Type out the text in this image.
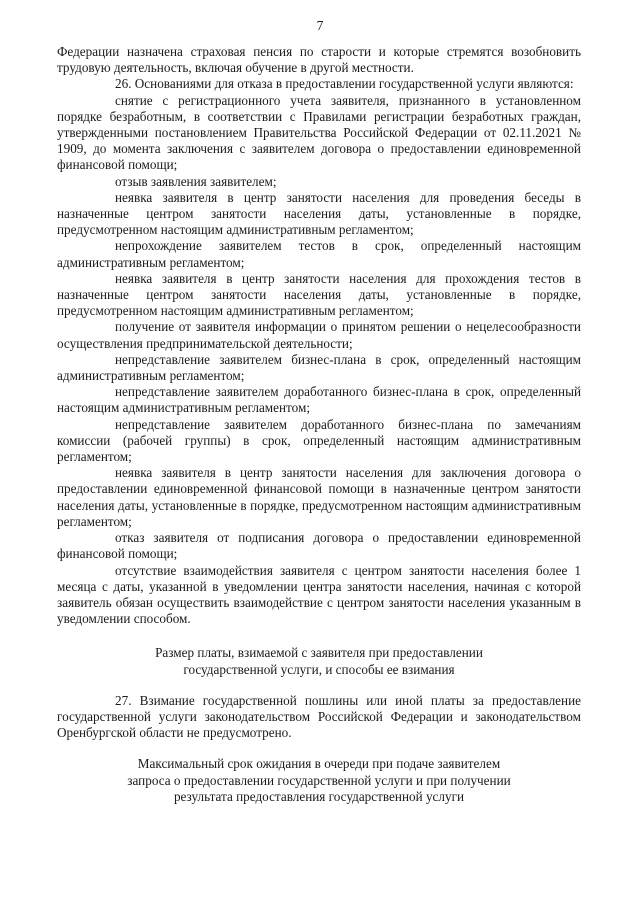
7

Федерации назначена страховая пенсия по старости и которые стремятся возобновить трудовую деятельность, включая обучение в другой местности.

26. Основаниями для отказа в предоставлении государственной услуги являются:

снятие с регистрационного учета заявителя, признанного в установленном порядке безработным, в соответствии с Правилами регистрации безработных граждан, утвержденными постановлением Правительства Российской Федерации от 02.11.2021 № 1909, до момента заключения с заявителем договора о предоставлении единовременной финансовой помощи;

отзыв заявления заявителем;

неявка заявителя в центр занятости населения для проведения беседы в назначенные центром занятости населения даты, установленные в порядке, предусмотренном настоящим административным регламентом;

непрохождение заявителем тестов в срок, определенный настоящим административным регламентом;

неявка заявителя в центр занятости населения для прохождения тестов в назначенные центром занятости населения даты, установленные в порядке, предусмотренном настоящим административным регламентом;

получение от заявителя информации о принятом решении о нецелесообразности осуществления предпринимательской деятельности;

непредставление заявителем бизнес-плана в срок, определенный настоящим административным регламентом;

непредставление заявителем доработанного бизнес-плана в срок, определенный настоящим административным регламентом;

непредставление заявителем доработанного бизнес-плана по замечаниям комиссии (рабочей группы) в срок, определенный настоящим административным регламентом;

неявка заявителя в центр занятости населения для заключения договора о предоставлении единовременной финансовой помощи в назначенные центром занятости населения даты, установленные в порядке, предусмотренном настоящим административным регламентом;

отказ заявителя от подписания договора о предоставлении единовременной финансовой помощи;

отсутствие взаимодействия заявителя с центром занятости населения более 1 месяца с даты, указанной в уведомлении центра занятости населения, начиная с которой заявитель обязан осуществить взаимодействие с центром занятости населения указанным в уведомлении способом.

Размер платы, взимаемой с заявителя при предоставлении

государственной услуги, и способы ее взимания

27. Взимание государственной пошлины или иной платы за предоставление государственной услуги законодательством Российской Федерации и законодательством Оренбургской области не предусмотрено.

Максимальный срок ожидания в очереди при подаче заявителем

запроса о предоставлении государственной услуги и при получении

результата предоставления государственной услуги
